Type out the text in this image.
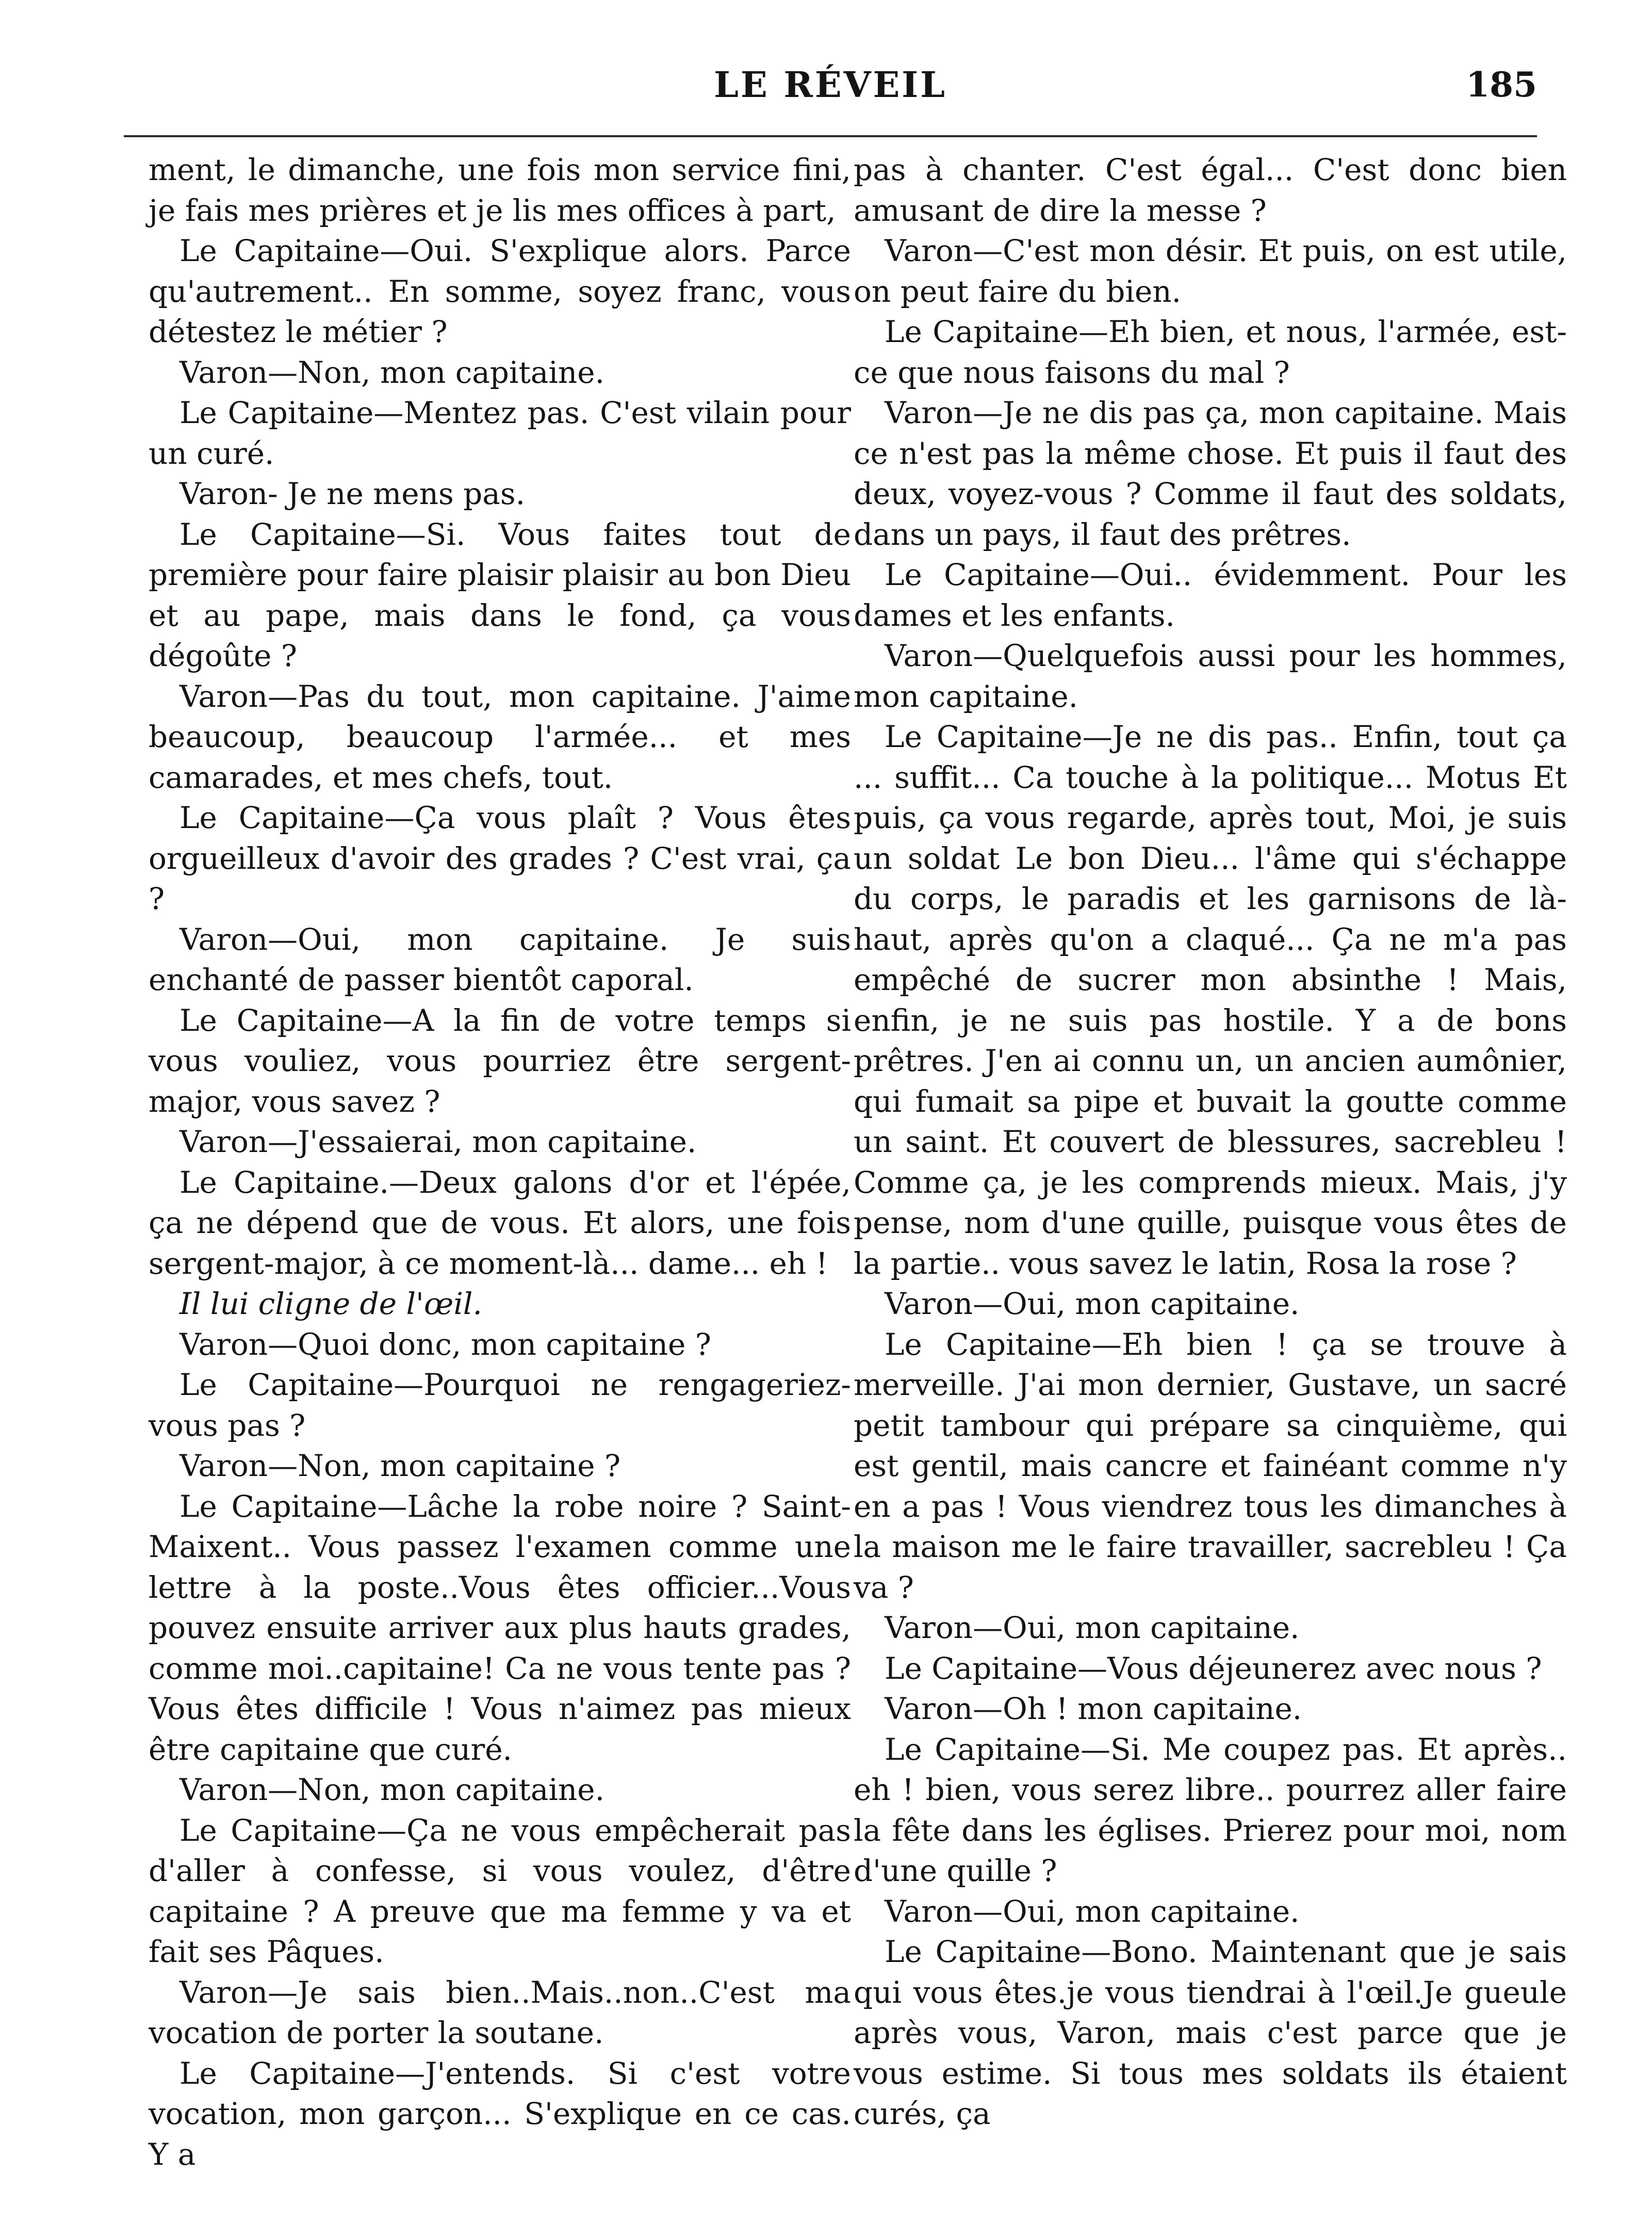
LE RÉVEIL	185

ment, le dimanche, une fois mon service fini, je fais mes prières et je lis mes offices à part,

Le Capitaine—Oui. S'explique alors. Parce qu'autrement.. En somme, soyez franc, vous détestez le métier ?

Varon—Non, mon capitaine.

Le Capitaine—Mentez pas. C'est vilain pour un curé.

Varon- Je ne mens pas.

Le Capitaine—Si. Vous faites tout de première pour faire plaisir plaisir au bon Dieu et au pape, mais dans le fond, ça vous dégoûte ?

Varon—Pas du tout, mon capitaine. J'aime beaucoup, beaucoup l'armée... et mes camarades, et mes chefs, tout.

Le Capitaine—Ça vous plaît ? Vous êtes orgueilleux d'avoir des grades ? C'est vrai, ça ?

Varon—Oui, mon capitaine. Je suis enchanté de passer bientôt caporal.

Le Capitaine—A la fin de votre temps si vous vouliez, vous pourriez être sergent-major, vous savez ?

Varon—J'essaierai, mon capitaine.

Le Capitaine.—Deux galons d'or et l'épée, ça ne dépend que de vous. Et alors, une fois sergent-major, à ce moment-là... dame... eh !

Il lui cligne de l'œil.

Varon—Quoi donc, mon capitaine ?

Le Capitaine—Pourquoi ne rengageriez-vous pas ?

Varon—Non, mon capitaine ?

Le Capitaine—Lâche la robe noire ? Saint-Maixent.. Vous passez l'examen comme une lettre à la poste..Vous êtes officier...Vous pouvez ensuite arriver aux plus hauts grades, comme moi..capitaine! Ca ne vous tente pas ? Vous êtes difficile ! Vous n'aimez pas mieux être capitaine que curé.

Varon—Non, mon capitaine.

Le Capitaine—Ça ne vous empêcherait pas d'aller à confesse, si vous voulez, d'être capitaine ? A preuve que ma femme y va et fait ses Pâques.

Varon—Je sais bien..Mais..non..C'est ma vocation de porter la soutane.

Le Capitaine—J'entends. Si c'est votre vocation, mon garçon... S'explique en ce cas. Y a

pas à chanter. C'est égal... C'est donc bien amusant de dire la messe ?

Varon—C'est mon désir. Et puis, on est utile, on peut faire du bien.

Le Capitaine—Eh bien, et nous, l'armée, est-ce que nous faisons du mal ?

Varon—Je ne dis pas ça, mon capitaine. Mais ce n'est pas la même chose. Et puis il faut des deux, voyez-vous ? Comme il faut des soldats, dans un pays, il faut des prêtres.

Le Capitaine—Oui.. évidemment. Pour les dames et les enfants.

Varon—Quelquefois aussi pour les hommes, mon capitaine.

Le Capitaine—Je ne dis pas.. Enfin, tout ça ... suffit... Ca touche à la politique... Motus Et puis, ça vous regarde, après tout, Moi, je suis un soldat Le bon Dieu... l'âme qui s'échappe du corps, le paradis et les garnisons de là-haut, après qu'on a claqué... Ça ne m'a pas empêché de sucrer mon absinthe ! Mais, enfin, je ne suis pas hostile. Y a de bons prêtres. J'en ai connu un, un ancien aumônier, qui fumait sa pipe et buvait la goutte comme un saint. Et couvert de blessures, sacrebleu ! Comme ça, je les comprends mieux. Mais, j'y pense, nom d'une quille, puisque vous êtes de la partie.. vous savez le latin, Rosa la rose ?

Varon—Oui, mon capitaine.

Le Capitaine—Eh bien ! ça se trouve à merveille. J'ai mon dernier, Gustave, un sacré petit tambour qui prépare sa cinquième, qui est gentil, mais cancre et fainéant comme n'y en a pas ! Vous viendrez tous les dimanches à la maison me le faire travailler, sacrebleu ! Ça va ?

Varon—Oui, mon capitaine.

Le Capitaine—Vous déjeunerez avec nous ?

Varon—Oh ! mon capitaine.

Le Capitaine—Si. Me coupez pas. Et après.. eh ! bien, vous serez libre.. pourrez aller faire la fête dans les églises. Prierez pour moi, nom d'une quille ?

Varon—Oui, mon capitaine.

Le Capitaine—Bono. Maintenant que je sais qui vous êtes.je vous tiendrai à l'œil.Je gueule après vous, Varon, mais c'est parce que je vous estime. Si tous mes soldats ils étaient curés, ça
